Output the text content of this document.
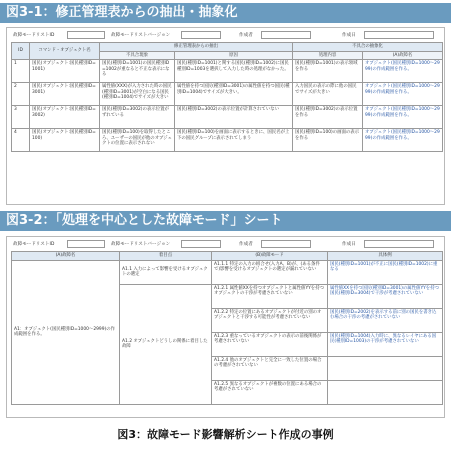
図3-1：修正管理表からの抽出・抽象化
故障モードリストID	故障モードリストバージョン	作成者	作成日
ID	コマンド・オブジェクト名	修正管理表からの抽出		不具合の抽象化	
		不具合現象	原因	処理内容	(A)故障名
1	国民(オブジェクト:国民種別ID=1001)	国民(種別ID=1001)の国民種別ID=1002が重なると不正な表示になる	国民(種別ID=1001)と関する国民(種別ID=1002)に国民種別ID=1003を選択して入力した時の処理がなかった。	国民(種別ID=1001)の表示領域を作る	オブジェクト(国民種別ID=1000～2999)の作成範囲を作る。
2	国民(オブジェクト:国民種別ID=3001)	属性値(XXX)が入力された時の国民(種別ID=3001)が空白になる国民(種別ID=1004)でサイズが大きい	属性値を持つ国民(種別ID=3001)の属性値を持つ国民(種別ID=1004)でサイズが大きい。	入力国民の表示の際に他の国民でサイズが大きい	オブジェクト(国民種別ID=1000～2999)の作成範囲を作る。
3	国民(オブジェクト:国民種別ID=3002)	国民(種別ID=3002)の表示位置がずれている	国民(種別ID=3002)の表示位置が計算されていない	国民(種別ID=3002)の表示位置を作る	オブジェクト(国民種別ID=1000～2999)の作成範囲を作る。
4	国民(オブジェクト:国民種別ID=100)	国民(種別ID=100)を取得したところ、ユーザーの国民が他のオブジェクトの位置に表示されない	国民(種別ID=100)を画面に表示するときに、国民名が上下の国民グループに表示されてしまう	国民(種別ID=100)の画面の表示を作る	オブジェクト(国民種別ID=1000～2999)の作成範囲を作る。
図3-2：「処理を中心とした故障モード」シート
故障モードリストID	故障モードリストバージョン	作成者	作成日
(A)故障名	着目点	(B)故障モード	具体例
A1：オブジェクト(国民種別ID=1000～2999)の作成範囲を作る。	A1.1 入力によって影響を受けるオブジェクトの選定	A1.1.1 特定の入力の組合せ(入力A、B)が、(ある条件で)影響を受けるオブジェクトの選定が漏れていない	国民(種別ID=1001)が不正に国民(種別ID=1002)に重なる
	A1.2 オブジェクトどうしの関係に着目した故障	A1.2.1 属性値XXを持つオブジェクトと属性値YYを持つオブジェクトの干渉が考慮されていない	属性値XXを持つ国民(種別ID=3001)の属性値YYを持つ国民(種別ID=3004)で干渉が考慮されていない
		A1.2.2 特定の位置にあるオブジェクトが付近の別のオブジェクトと干渉する可能性が考慮されていない	国民(種別ID=2002)を表示する前に別の国民を書き込む場合の干渉の考慮がされていない
		A1.2.3 重なっているオブジェクトの表示の前後関係が考慮されていない	国民(種別ID=1004)入力時に、異なるレイヤにある国民(種別ID=1003)の干渉が考慮されていない
		A1.2.4 他のオブジェクトと完全に一致した位置の場合の考慮がされていない	
		A1.2.5 異なるオブジェクトが複数の位置にある場合の考慮がされていない	
図3：故障モード影響解析シート作成の事例
